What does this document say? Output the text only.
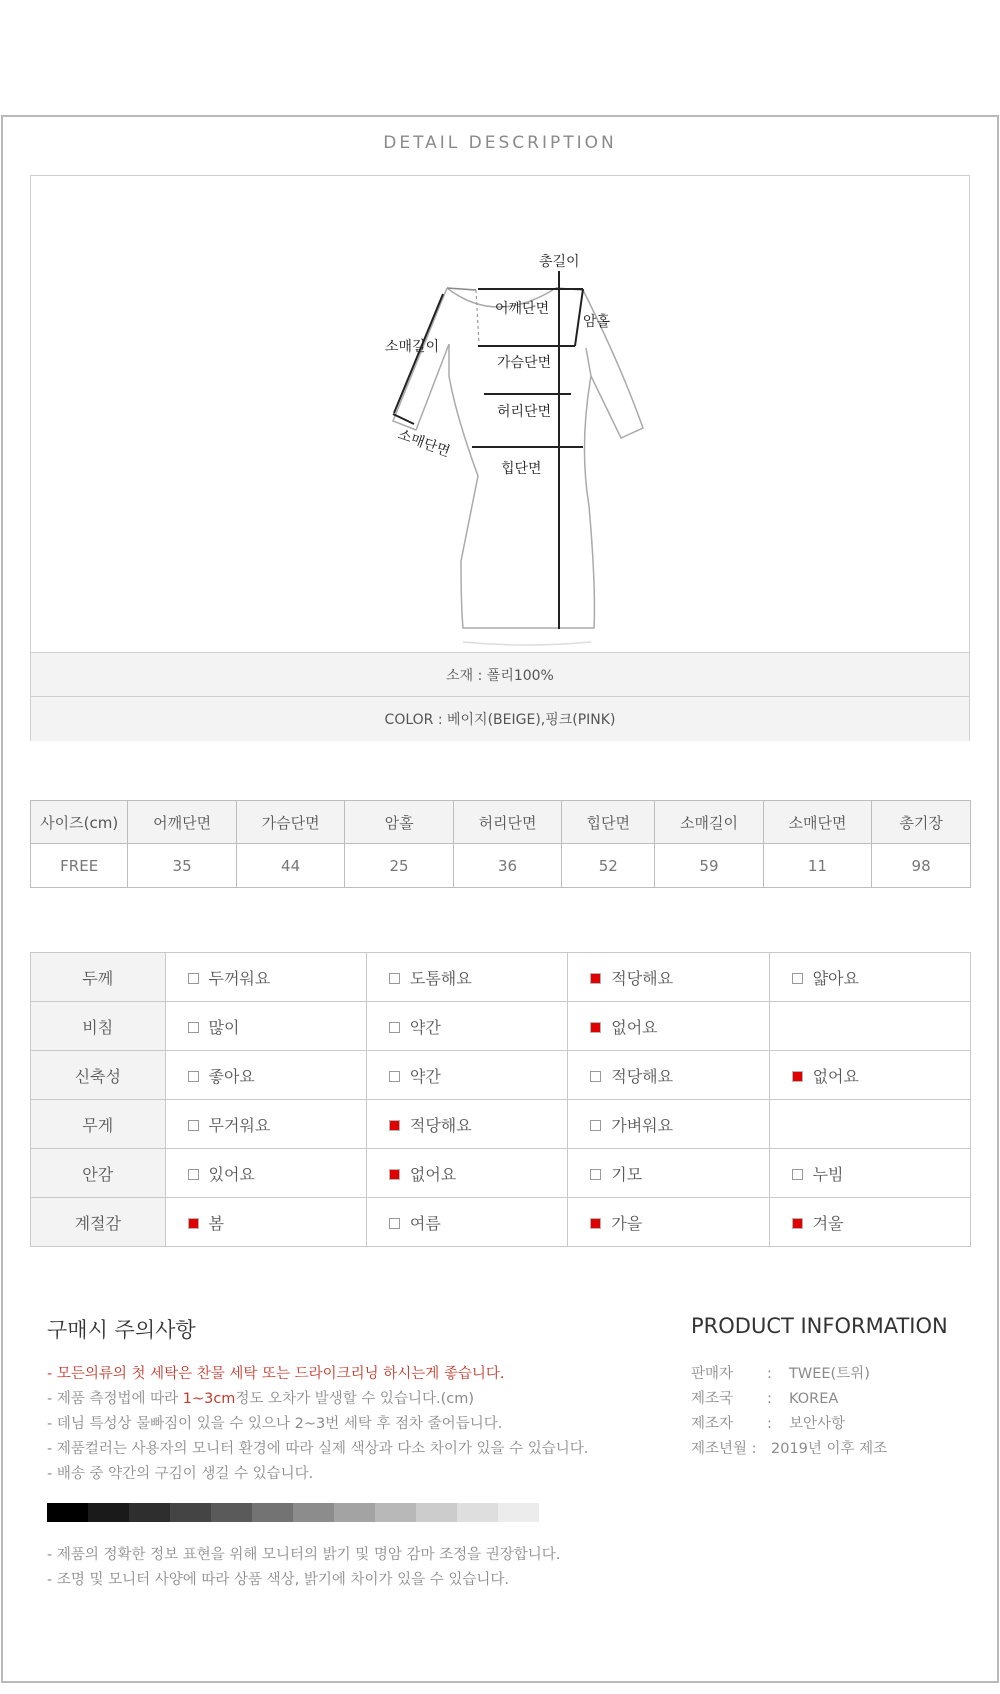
DETAIL DESCRIPTION
총길이
어깨단면
암홀
소매길이
가슴단면
허리단면
소매단면
힙단면
소재 : 폴리100%
COLOR : 베이지(BEIGE),핑크(PINK)
사이즈(cm)	어깨단면	가슴단면	암홀	허리단면	힙단면	소매길이	소매단면	총기장
FREE	35	44	25	36	52	59	11	98
두께	두꺼워요	도톰해요	적당해요	얇아요
비침	많이	약간	없어요	
신축성	좋아요	약간	적당해요	없어요
무게	무거워요	적당해요	가벼워요	
안감	있어요	없어요	기모	누빔
계절감	봄	여름	가을	겨울
구매시 주의사항
- 모든의류의 첫 세탁은 찬물 세탁 또는 드라이크리닝 하시는게 좋습니다.
- 제품 측정법에 따라 1~3cm정도 오차가 발생할 수 있습니다.(cm)
- 데님 특성상 물빠짐이 있을 수 있으나 2~3번 세탁 후 점차 줄어듭니다.
- 제품컬러는 사용자의 모니터 환경에 따라 실제 색상과 다소 차이가 있을 수 있습니다.
- 배송 중 약간의 구김이 생길 수 있습니다.
- 제품의 정확한 정보 표현을 위해 모니터의 밝기 및 명암 감마 조정을 권장합니다.
- 조명 및 모니터 사양에 따라 상품 색상, 밝기에 차이가 있을 수 있습니다.
PRODUCT INFORMATION
판매자 : TWEE(트위)
제조국 : KOREA
제조자 : 보안사항
제조년월 : 2019년 이후 제조
